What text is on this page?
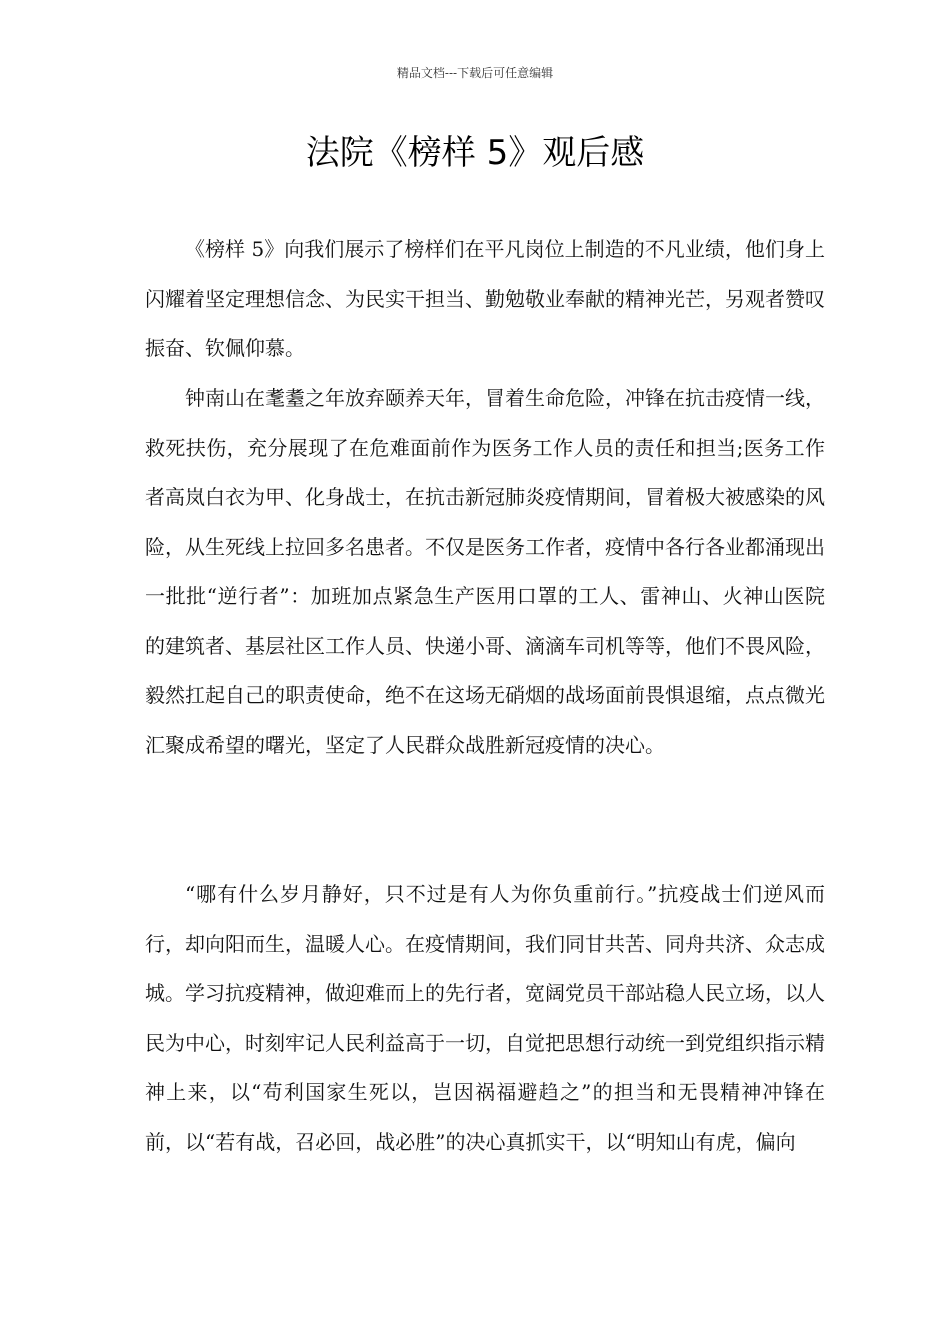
精品文档---下载后可任意编辑
法院《榜样 5》观后感

《榜样 5》向我们展示了榜样们在平凡岗位上制造的不凡业绩，他们身上闪耀着坚定理想信念、为民实干担当、勤勉敬业奉献的精神光芒，另观者赞叹振奋、钦佩仰慕。

钟南山在耄耋之年放弃颐养天年，冒着生命危险，冲锋在抗击疫情一线，救死扶伤，充分展现了在危难面前作为医务工作人员的责任和担当;医务工作者高岚白衣为甲、化身战士，在抗击新冠肺炎疫情期间，冒着极大被感染的风险，从生死线上拉回多名患者。不仅是医务工作者，疫情中各行各业都涌现出一批批“逆行者”：加班加点紧急生产医用口罩的工人、雷神山、火神山医院的建筑者、基层社区工作人员、快递小哥、滴滴车司机等等，他们不畏风险，毅然扛起自己的职责使命，绝不在这场无硝烟的战场面前畏惧退缩，点点微光汇聚成希望的曙光，坚定了人民群众战胜新冠疫情的决心。

“哪有什么岁月静好，只不过是有人为你负重前行。”抗疫战士们逆风而行，却向阳而生，温暖人心。在疫情期间，我们同甘共苦、同舟共济、众志成城。学习抗疫精神，做迎难而上的先行者，宽阔党员干部站稳人民立场，以人民为中心，时刻牢记人民利益高于一切，自觉把思想行动统一到党组织指示精神上来，以“苟利国家生死以，岂因祸福避趋之”的担当和无畏精神冲锋在前，以“若有战，召必回，战必胜”的决心真抓实干，以“明知山有虎，偏向
